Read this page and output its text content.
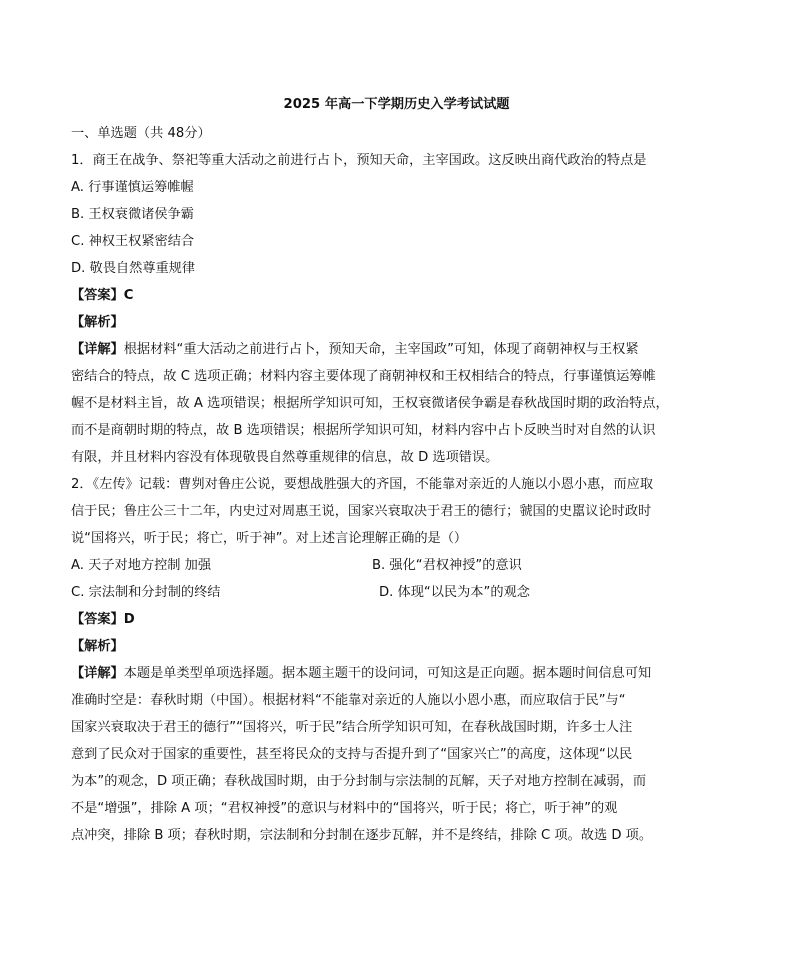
2025 年高一下学期历史入学考试试题
一、单选题（共 48分）
1．商王在战争、祭祀等重大活动之前进行占卜，预知天命，主宰国政。这反映出商代政治的特点是
A. 行事谨慎运筹帷幄
B. 王权衰微诸侯争霸
C. 神权王权紧密结合
D. 敬畏自然尊重规律
【答案】C
【解析】
【详解】根据材料“重大活动之前进行占卜，预知天命，主宰国政”可知，体现了商朝神权与王权紧
密结合的特点，故 C 选项正确；材料内容主要体现了商朝神权和王权相结合的特点，行事谨慎运筹帷
幄不是材料主旨，故 A 选项错误；根据所学知识可知，王权衰微诸侯争霸是春秋战国时期的政治特点，
而不是商朝时期的特点，故 B 选项错误；根据所学知识可知，材料内容中占卜反映当时对自然的认识
有限，并且材料内容没有体现敬畏自然尊重规律的信息，故 D 选项错误。
2．《左传》记载：曹刿对鲁庄公说，要想战胜强大的齐国，不能靠对亲近的人施以小恩小惠，而应取
信于民；鲁庄公三十二年，内史过对周惠王说，国家兴衰取决于君王的德行；虢国的史嚚议论时政时
说“国将兴，听于民；将亡，听于神”。对上述言论理解正确的是（）
A. 天子对地方控制 加强	B. 强化“君权神授”的意识
C. 宗法制和分封制的终结	D. 体现“以民为本”的观念
【答案】D
【解析】
【详解】本题是单类型单项选择题。据本题主题干的设问词，可知这是正向题。据本题时间信息可知
准确时空是：春秋时期（中国）。根据材料“不能靠对亲近的人施以小恩小惠，而应取信于民”与“
国家兴衰取决于君王的德行”“国将兴，听于民”结合所学知识可知，在春秋战国时期，许多士人注
意到了民众对于国家的重要性，甚至将民众的支持与否提升到了“国家兴亡”的高度，这体现“以民
为本”的观念，D 项正确；春秋战国时期，由于分封制与宗法制的瓦解，天子对地方控制在减弱，而
不是“增强”，排除 A 项；“君权神授”的意识与材料中的“国将兴，听于民；将亡，听于神”的观
点冲突，排除 B 项；春秋时期，宗法制和分封制在逐步瓦解，并不是终结，排除 C 项。故选 D 项。
